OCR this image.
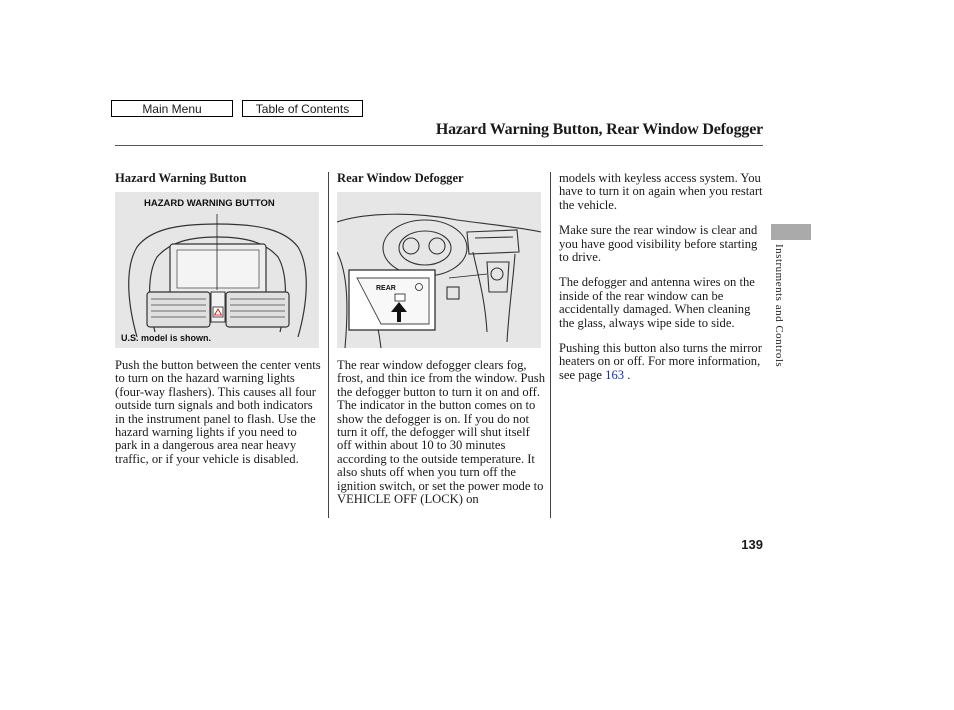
Main Menu	Table of Contents
Hazard Warning Button, Rear Window Defogger
Instruments and Controls

Hazard Warning Button

HAZARD WARNING BUTTON
U.S. model is shown.

Push the button between the center vents to turn on the hazard warning lights (four-way flashers). This causes all four outside turn signals and both indicators in the instrument panel to flash. Use the hazard warning lights if you need to park in a dangerous area near heavy traffic, or if your vehicle is disabled.

Rear Window Defogger

REAR

The rear window defogger clears fog, frost, and thin ice from the window. Push the defogger button to turn it on and off. The indicator in the button comes on to show the defogger is on. If you do not turn it off, the defogger will shut itself off within about 10 to 30 minutes according to the outside temperature. It also shuts off when you turn off the ignition switch, or set the power mode to VEHICLE OFF (LOCK) on

models with keyless access system. You have to turn it on again when you restart the vehicle.

Make sure the rear window is clear and you have good visibility before starting to drive.

The defogger and antenna wires on the inside of the rear window can be accidentally damaged. When cleaning the glass, always wipe side to side.

Pushing this button also turns the mirror heaters on or off. For more information, see page 163 .

139
